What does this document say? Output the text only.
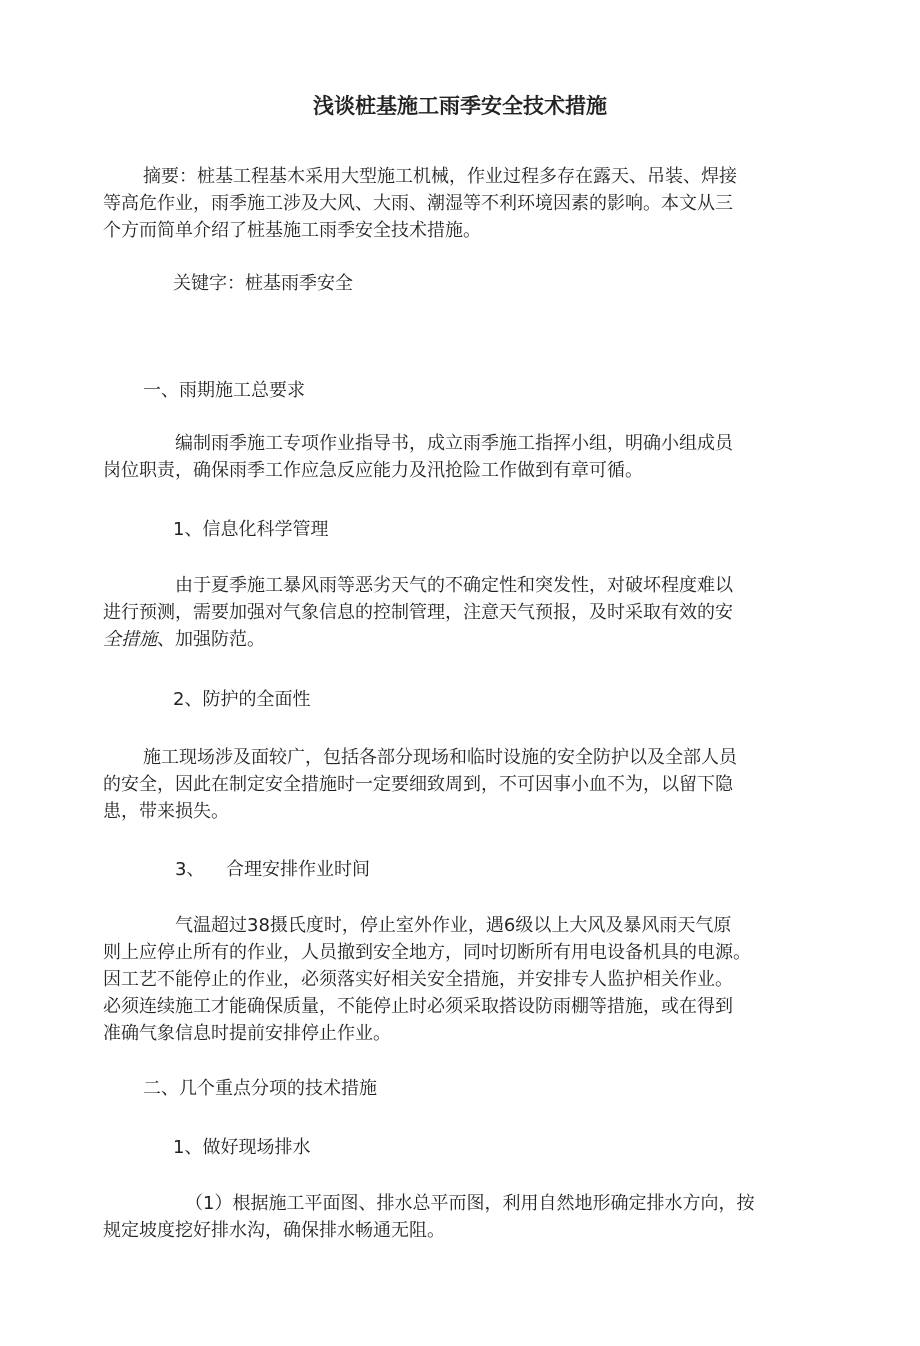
浅谈桩基施工雨季安全技术措施
摘要：桩基工程基木采用大型施工机械，作业过程多存在露天、吊装、焊接
等高危作业，雨季施工涉及大风、大雨、潮湿等不利环境因素的影响。本文从三
个方而简单介绍了桩基施工雨季安全技术措施。
关键字：桩基雨季安全
一、雨期施工总要求
编制雨季施工专项作业指导书，成立雨季施工指挥小组，明确小组成员
岗位职责，确保雨季工作应急反应能力及汛抢险工作做到有章可循。
1、信息化科学管理
由于夏季施工暴风雨等恶劣天气的不确定性和突发性，对破坏程度难以
进行预测，需要加强对气象信息的控制管理，注意天气预报，及时采取有效的安
全措施、加强防范。
2、防护的全面性
施工现场涉及面较广，包括各部分现场和临时设施的安全防护以及全部人员
的安全，因此在制定安全措施时一定要细致周到，不可因事小血不为，以留下隐
患，带来损失。
3、 合理安排作业时间
气温超过38摄氏度时，停止室外作业，遇6级以上大风及暴风雨天气原
则上应停止所有的作业，人员撤到安全地方，同吋切断所有用电设备机具的电源。
因工艺不能停止的作业，必须落实好相关安全措施，并安排专人监护相关作业。
必须连续施工才能确保质量，不能停止时必须采取搭设防雨棚等措施，或在得到
准确气象信息时提前安排停止作业。
二、几个重点分项的技术措施
1、做好现场排水
（1）根据施工平面图、排水总平而图，利用自然地形确定排水方向，按
规定坡度挖好排水沟，确保排水畅通无阻。
